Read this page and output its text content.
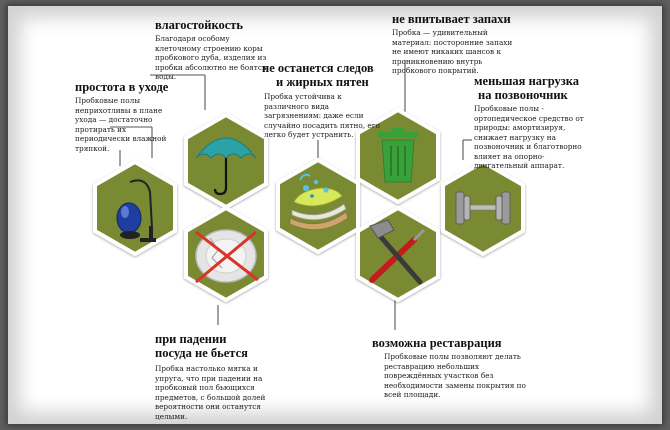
влагостойкость
Благодаря особому клеточному строению коры пробкового дуба, изделия из пробки абсолютно не боятся воды.
не впитывает запахи
Пробка — удивительный материал: посторонние запахи не имеют никаких шансов к проникновению внутрь пробкового покрытий.
простота в уходе
Пробковые полы неприхотливы в плане ухода — достаточно протирать их периодически влажной тряпкой.
не останется следов
и жирных пятен
Пробка устойчива к различного вида загрязнениям: даже если случайно посадить пятно, его легко будет устранить.
меньшая нагрузка
на позвоночник
Пробковые полы - ортопедическое средство от природы: амортизируя, снижает нагрузку на позвоночник и благотворно влияет на опорно-двигательный аппарат.
при падении
посуда не бьется
Пробка настолько мягка и упруга, что при падении на пробковый пол бьющихся предметов, с большой долей вероятности они останутся целыми.
возможна реставрация
Пробковые полы позволяют делать реставрацию небольших повреждённых участков без необходимости замены покрытия по всей площади.
